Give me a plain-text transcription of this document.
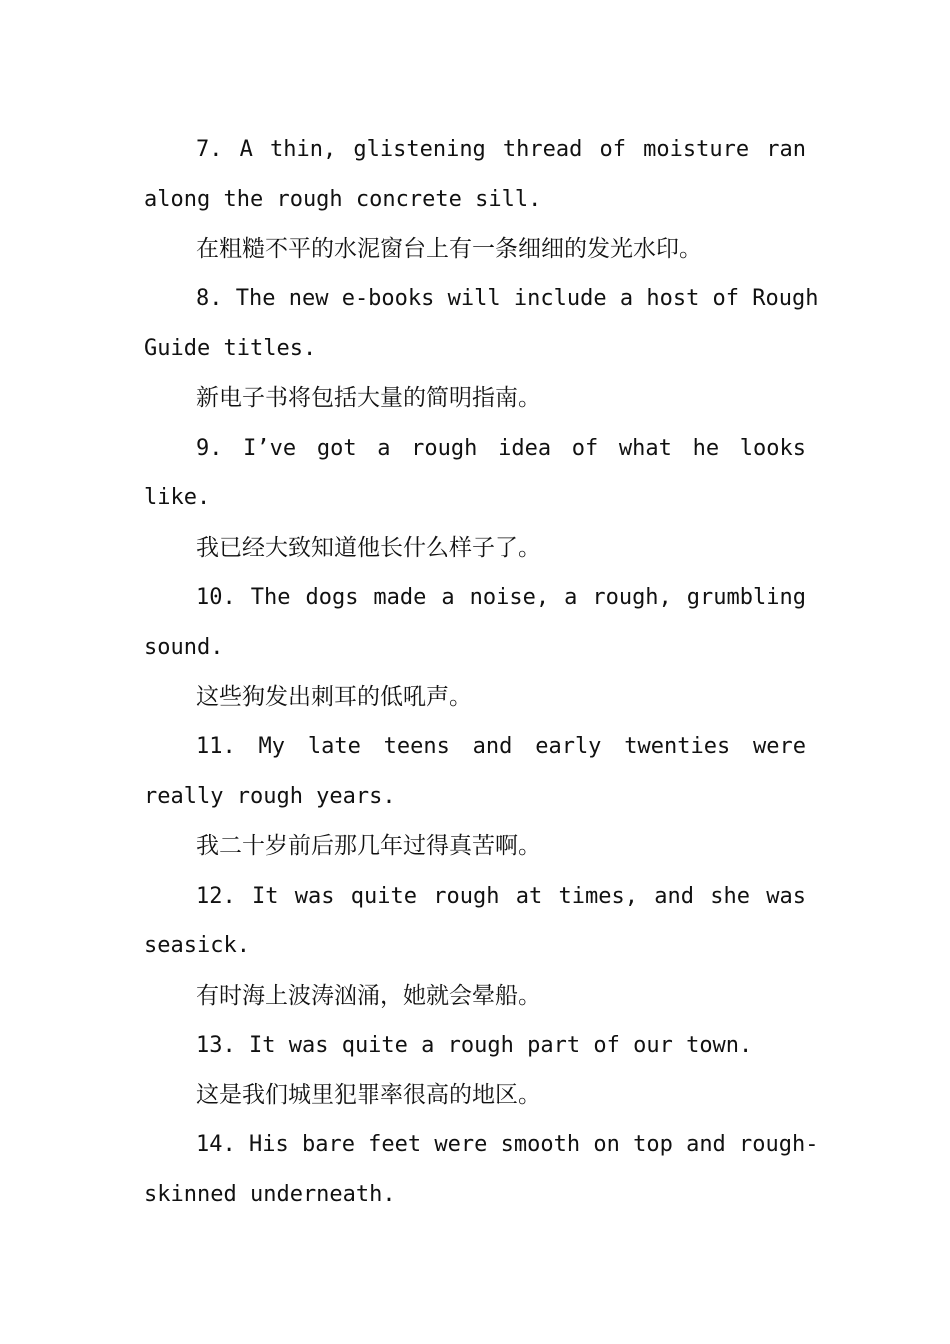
7. A thin, glistening thread of moisture ran
along the rough concrete sill.
在粗糙不平的水泥窗台上有一条细细的发光水印。
8. The new e-books will include a host of Rough
Guide titles.
新电子书将包括大量的简明指南。
9. I’ve got a rough idea of what he looks
like.
我已经大致知道他长什么样子了。
10. The dogs made a noise, a rough, grumbling
sound.
这些狗发出刺耳的低吼声。
11. My late teens and early twenties were
really rough years.
我二十岁前后那几年过得真苦啊。
12. It was quite rough at times, and she was
seasick.
有时海上波涛汹涌，她就会晕船。
13. It was quite a rough part of our town.
这是我们城里犯罪率很高的地区。
14. His bare feet were smooth on top and rough-
skinned underneath.
